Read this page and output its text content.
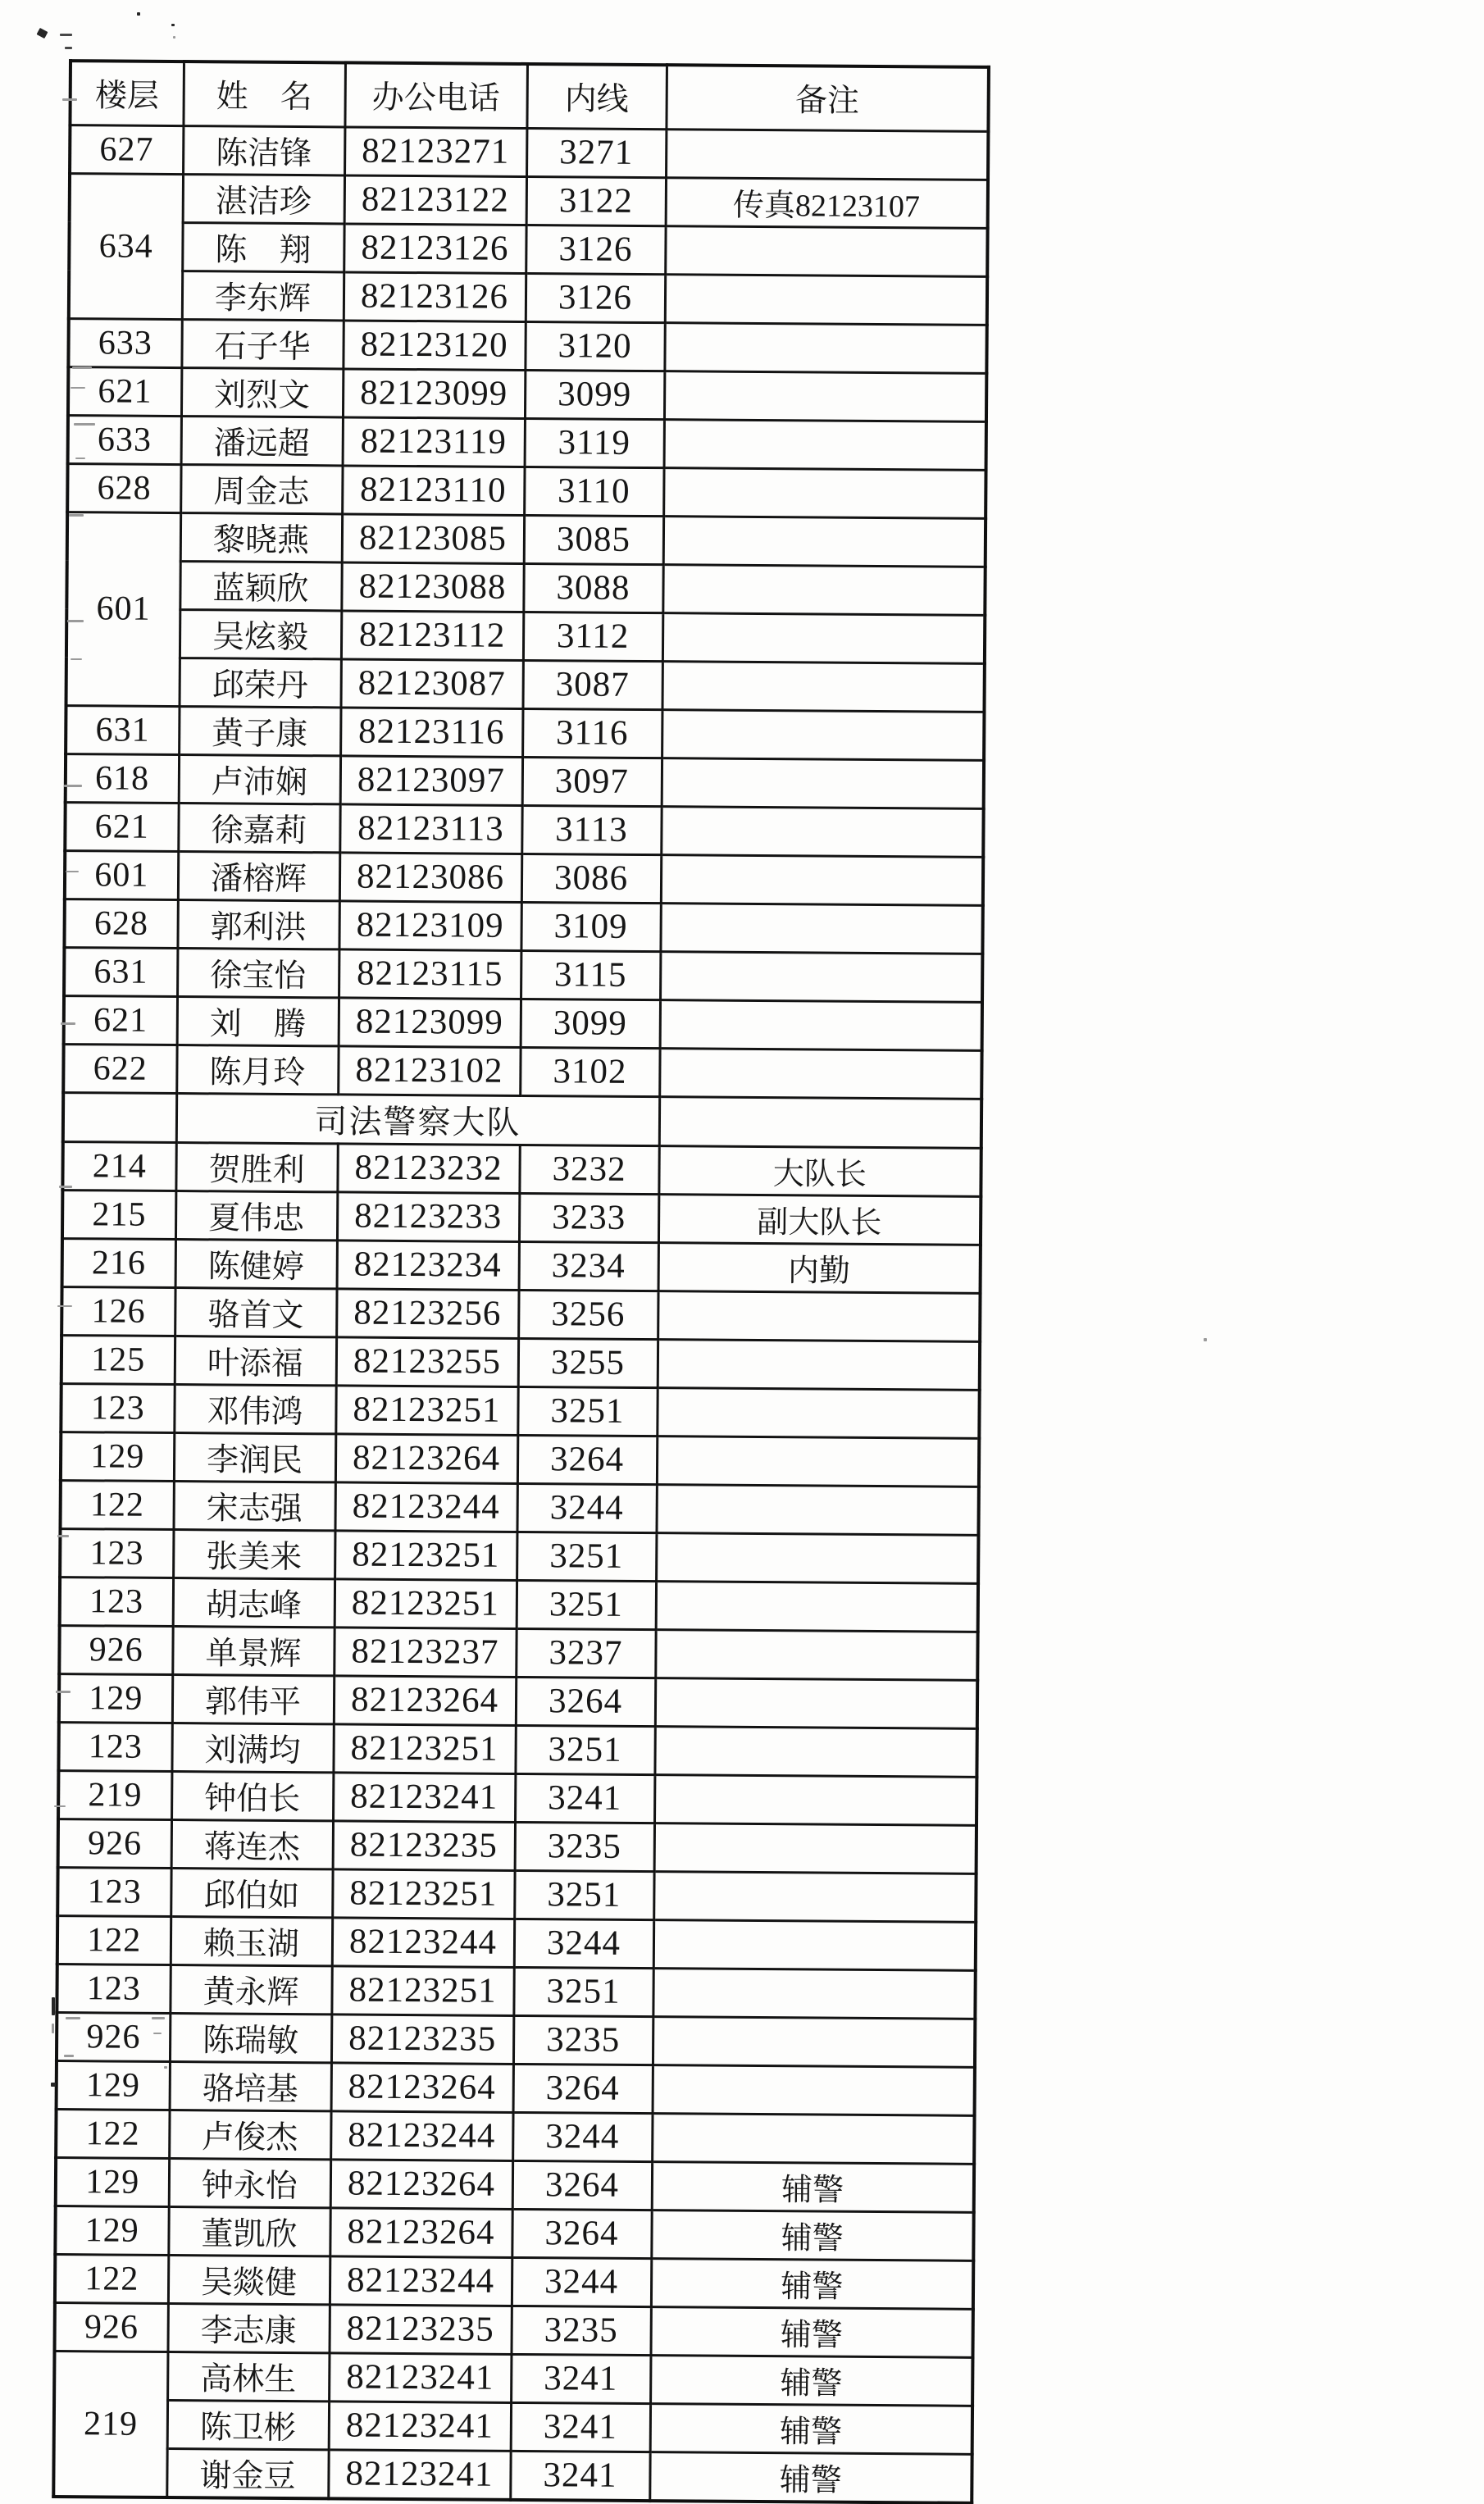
楼层	姓　名	办公电话	内线	备注
627	陈洁锋	82123271	3271	
634	湛洁珍	82123122	3122	传真82123107
	陈　翔	82123126	3126	
	李东辉	82123126	3126	
633	石子华	82123120	3120	
621	刘烈文	82123099	3099	
633	潘远超	82123119	3119	
628	周金志	82123110	3110	
601	黎晓燕	82123085	3085	
	蓝颖欣	82123088	3088	
	吴炫毅	82123112	3112	
	邱荣丹	82123087	3087	
631	黄子康	82123116	3116	
618	卢沛娴	82123097	3097	
621	徐嘉莉	82123113	3113	
601	潘榕辉	82123086	3086	
628	郭利洪	82123109	3109	
631	徐宝怡	82123115	3115	
621	刘　腾	82123099	3099	
622	陈月玲	82123102	3102	
	司法警察大队			
214	贺胜利	82123232	3232	大队长
215	夏伟忠	82123233	3233	副大队长
216	陈健婷	82123234	3234	内勤
126	骆首文	82123256	3256	
125	叶添福	82123255	3255	
123	邓伟鸿	82123251	3251	
129	李润民	82123264	3264	
122	宋志强	82123244	3244	
123	张美来	82123251	3251	
123	胡志峰	82123251	3251	
926	单景辉	82123237	3237	
129	郭伟平	82123264	3264	
123	刘满均	82123251	3251	
219	钟伯长	82123241	3241	
926	蒋连杰	82123235	3235	
123	邱伯如	82123251	3251	
122	赖玉湖	82123244	3244	
123	黄永辉	82123251	3251	
926	陈瑞敏	82123235	3235	
129	骆培基	82123264	3264	
122	卢俊杰	82123244	3244	
129	钟永怡	82123264	3264	辅警
129	董凯欣	82123264	3264	辅警
122	吴燚健	82123244	3244	辅警
926	李志康	82123235	3235	辅警
219	高林生	82123241	3241	辅警
	陈卫彬	82123241	3241	辅警
	谢金豆	82123241	3241	辅警
